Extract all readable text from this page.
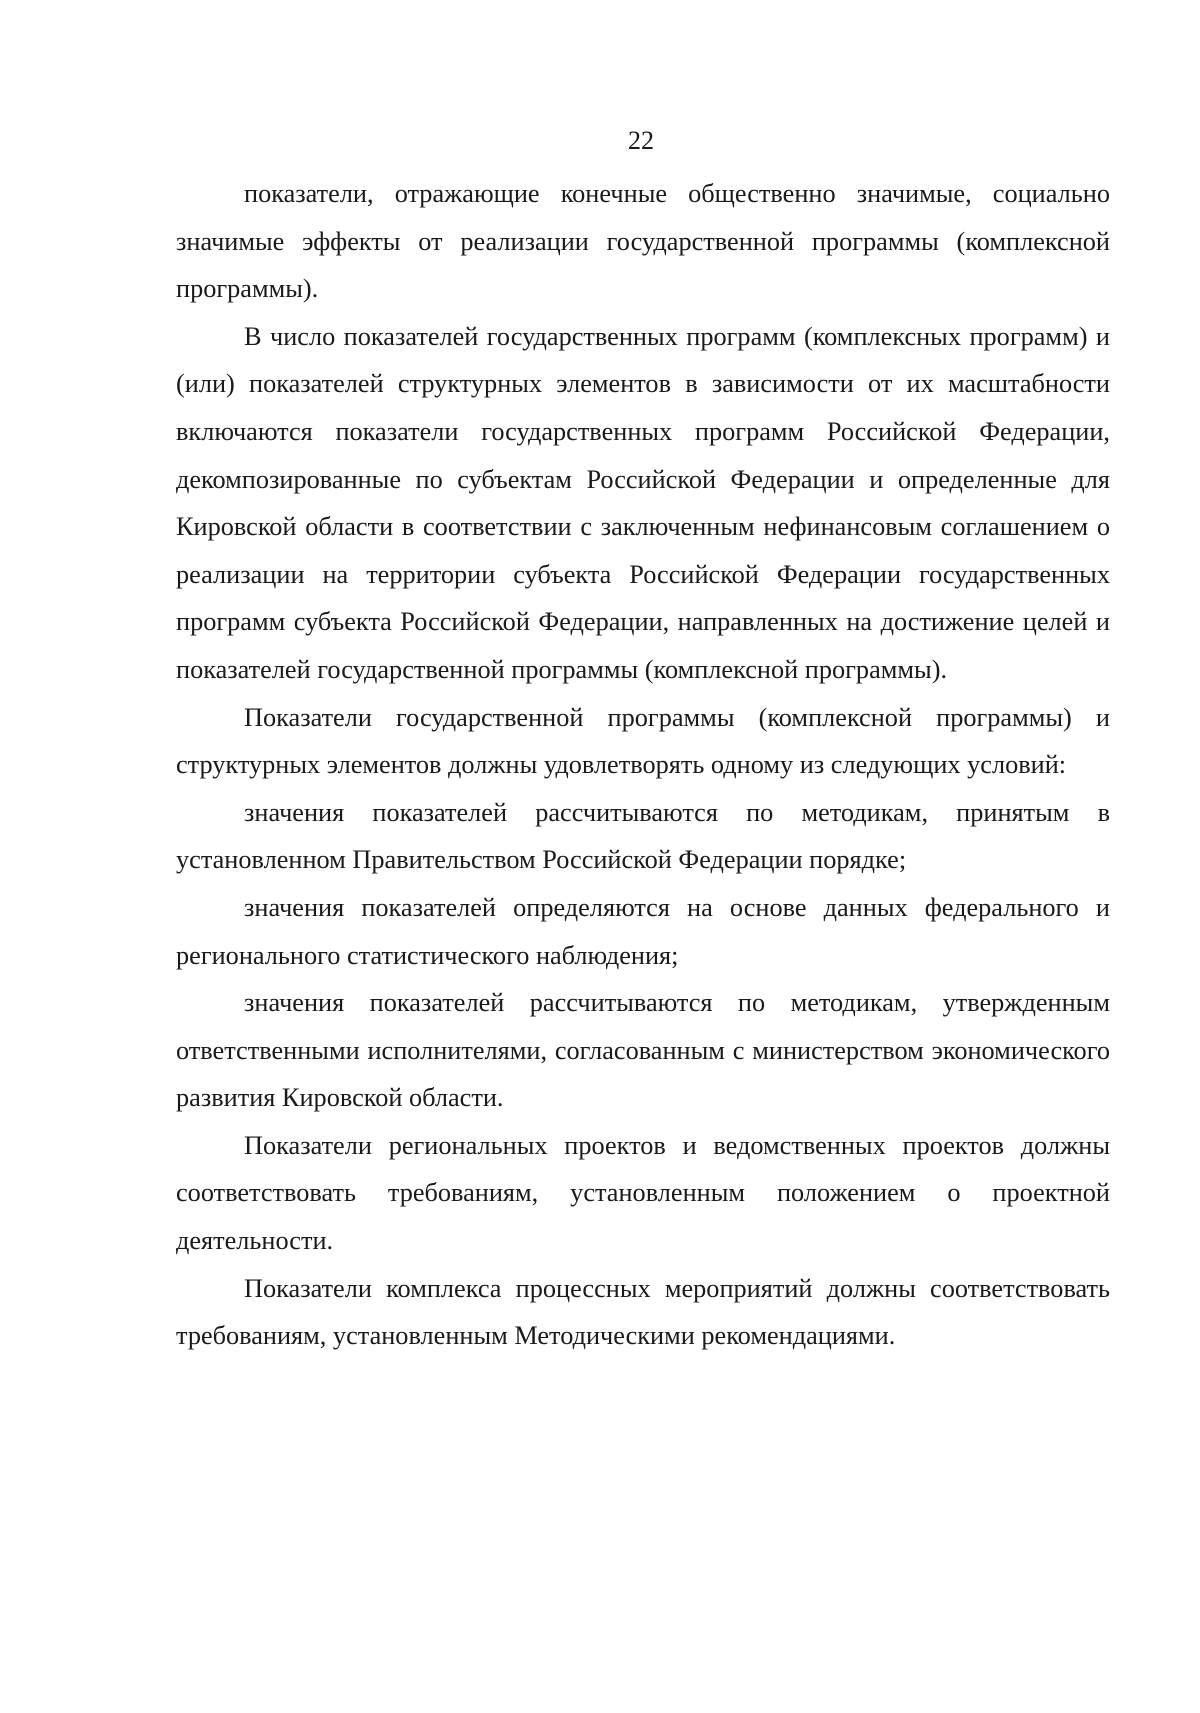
22

показатели, отражающие конечные общественно значимые, социально значимые эффекты от реализации государственной программы (комплексной программы).

В число показателей государственных программ (комплексных программ) и (или) показателей структурных элементов в зависимости от их масштабности включаются показатели государственных программ Российской Федерации, декомпозированные по субъектам Российской Федерации и определенные для Кировской области в соответствии с заключенным нефинансовым соглашением о реализации на территории субъекта Российской Федерации государственных программ субъекта Российской Федерации, направленных на достижение целей и показателей государственной программы (комплексной программы).

Показатели государственной программы (комплексной программы) и структурных элементов должны удовлетворять одному из следующих условий:

значения показателей рассчитываются по методикам, принятым в установленном Правительством Российской Федерации порядке;

значения показателей определяются на основе данных федерального и регионального статистического наблюдения;

значения показателей рассчитываются по методикам, утвержденным ответственными исполнителями, согласованным с министерством экономического развития Кировской области.

Показатели региональных проектов и ведомственных проектов должны соответствовать требованиям, установленным положением о проектной деятельности.

Показатели комплекса процессных мероприятий должны соответствовать требованиям, установленным Методическими рекомендациями.
